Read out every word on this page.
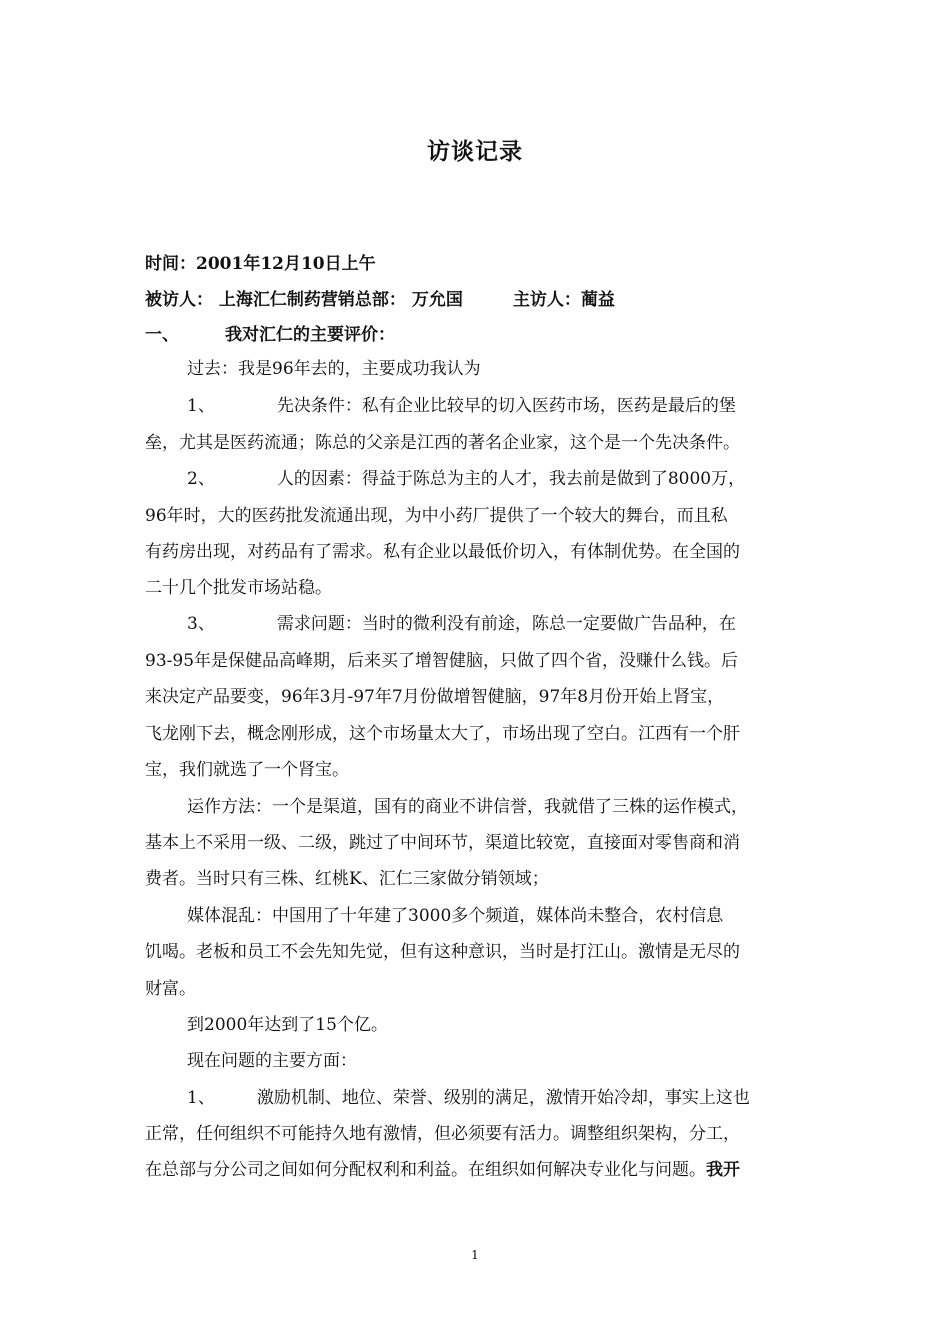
访谈记录
时间：2001年12月10日上午
被访人： 上海汇仁制药营销总部： 万允国	主访人：蔺益
一、	我对汇仁的主要评价：
过去：我是96年去的，主要成功我认为
1、	先决条件：私有企业比较早的切入医药市场，医药是最后的堡
垒，尤其是医药流通；陈总的父亲是江西的著名企业家，这个是一个先决条件。
2、	人的因素：得益于陈总为主的人才，我去前是做到了8000万，
96年时，大的医药批发流通出现，为中小药厂提供了一个较大的舞台，而且私
有药房出现，对药品有了需求。私有企业以最低价切入，有体制优势。在全国的
二十几个批发市场站稳。
3、	需求问题：当时的微利没有前途，陈总一定要做广告品种，在
93-95年是保健品高峰期，后来买了增智健脑，只做了四个省，没赚什么钱。后
来决定产品要变，96年3月-97年7月份做增智健脑，97年8月份开始上肾宝，
飞龙刚下去，概念刚形成，这个市场量太大了，市场出现了空白。江西有一个肝
宝，我们就选了一个肾宝。
运作方法：一个是渠道，国有的商业不讲信誉，我就借了三株的运作模式，
基本上不采用一级、二级，跳过了中间环节，渠道比较宽，直接面对零售商和消
费者。当时只有三株、红桃K、汇仁三家做分销领域；
媒体混乱：中国用了十年建了3000多个频道，媒体尚未整合，农村信息
饥喝。老板和员工不会先知先觉，但有这种意识，当时是打江山。激情是无尽的
财富。
到2000年达到了15个亿。
现在问题的主要方面：
1、 激励机制、地位、荣誉、级别的满足，激情开始冷却，事实上这也
正常，任何组织不可能持久地有激情，但必须要有活力。调整组织架构，分工，
在总部与分公司之间如何分配权利和利益。在组织如何解决专业化与问题。我开
1
